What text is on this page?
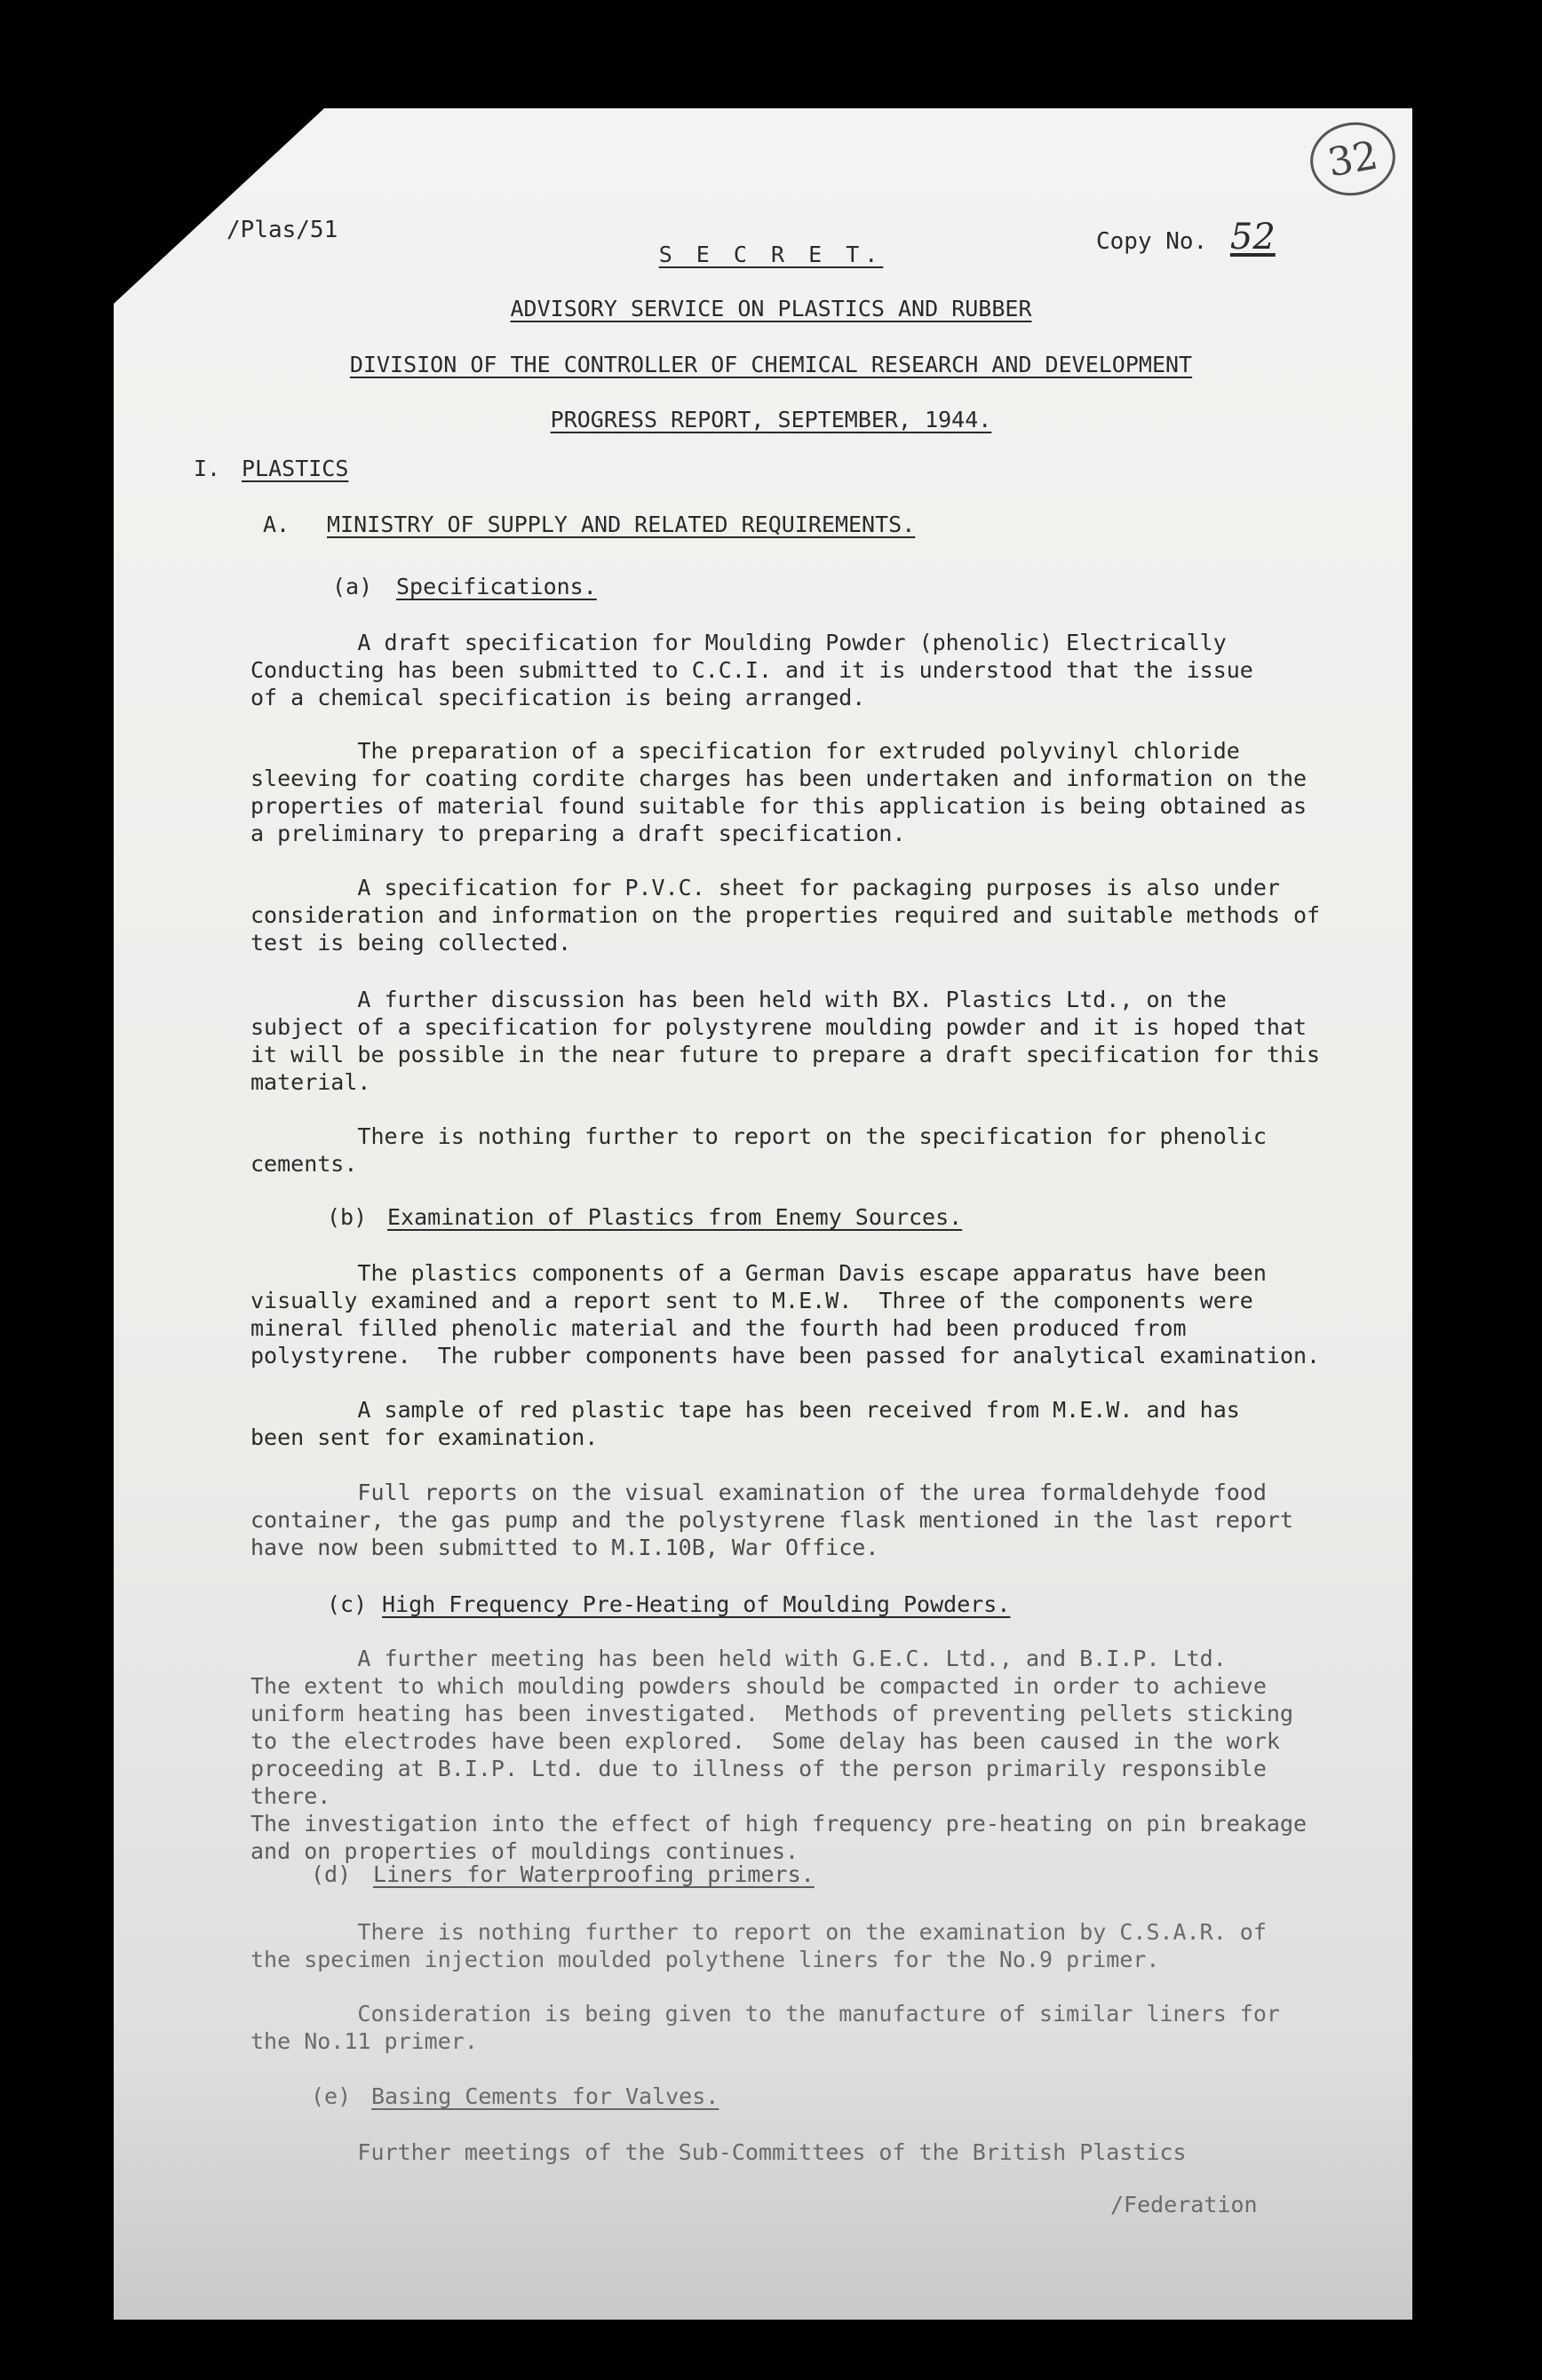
32
/Plas/51	Copy No. 52
S E C R E T.
ADVISORY SERVICE ON PLASTICS AND RUBBER
DIVISION OF THE CONTROLLER OF CHEMICAL RESEARCH AND DEVELOPMENT
PROGRESS REPORT, SEPTEMBER, 1944.
I. PLASTICS
A. MINISTRY OF SUPPLY AND RELATED REQUIREMENTS.
(a) Specifications.
A draft specification for Moulding Powder (phenolic) Electrically
Conducting has been submitted to C.C.I. and it is understood that the issue
of a chemical specification is being arranged.
The preparation of a specification for extruded polyvinyl chloride
sleeving for coating cordite charges has been undertaken and information on the
properties of material found suitable for this application is being obtained as
a preliminary to preparing a draft specification.
A specification for P.V.C. sheet for packaging purposes is also under
consideration and information on the properties required and suitable methods of
test is being collected.
A further discussion has been held with BX. Plastics Ltd., on the
subject of a specification for polystyrene moulding powder and it is hoped that
it will be possible in the near future to prepare a draft specification for this
material.
There is nothing further to report on the specification for phenolic
cements.
(b) Examination of Plastics from Enemy Sources.
The plastics components of a German Davis escape apparatus have been
visually examined and a report sent to M.E.W.  Three of the components were
mineral filled phenolic material and the fourth had been produced from
polystyrene.  The rubber components have been passed for analytical examination.
A sample of red plastic tape has been received from M.E.W. and has
been sent for examination.
Full reports on the visual examination of the urea formaldehyde food
container, the gas pump and the polystyrene flask mentioned in the last report
have now been submitted to M.I.10B, War Office.
(c) High Frequency Pre-Heating of Moulding Powders.
A further meeting has been held with G.E.C. Ltd., and B.I.P. Ltd.
The extent to which moulding powders should be compacted in order to achieve
uniform heating has been investigated.  Methods of preventing pellets sticking
to the electrodes have been explored.  Some delay has been caused in the work
proceeding at B.I.P. Ltd. due to illness of the person primarily responsible there.
The investigation into the effect of high frequency pre-heating on pin breakage
and on properties of mouldings continues.
(d) Liners for Waterproofing primers.
There is nothing further to report on the examination by C.S.A.R. of
the specimen injection moulded polythene liners for the No.9 primer.
Consideration is being given to the manufacture of similar liners for
the No.11 primer.
(e) Basing Cements for Valves.
Further meetings of the Sub-Committees of the British Plastics
/Federation
